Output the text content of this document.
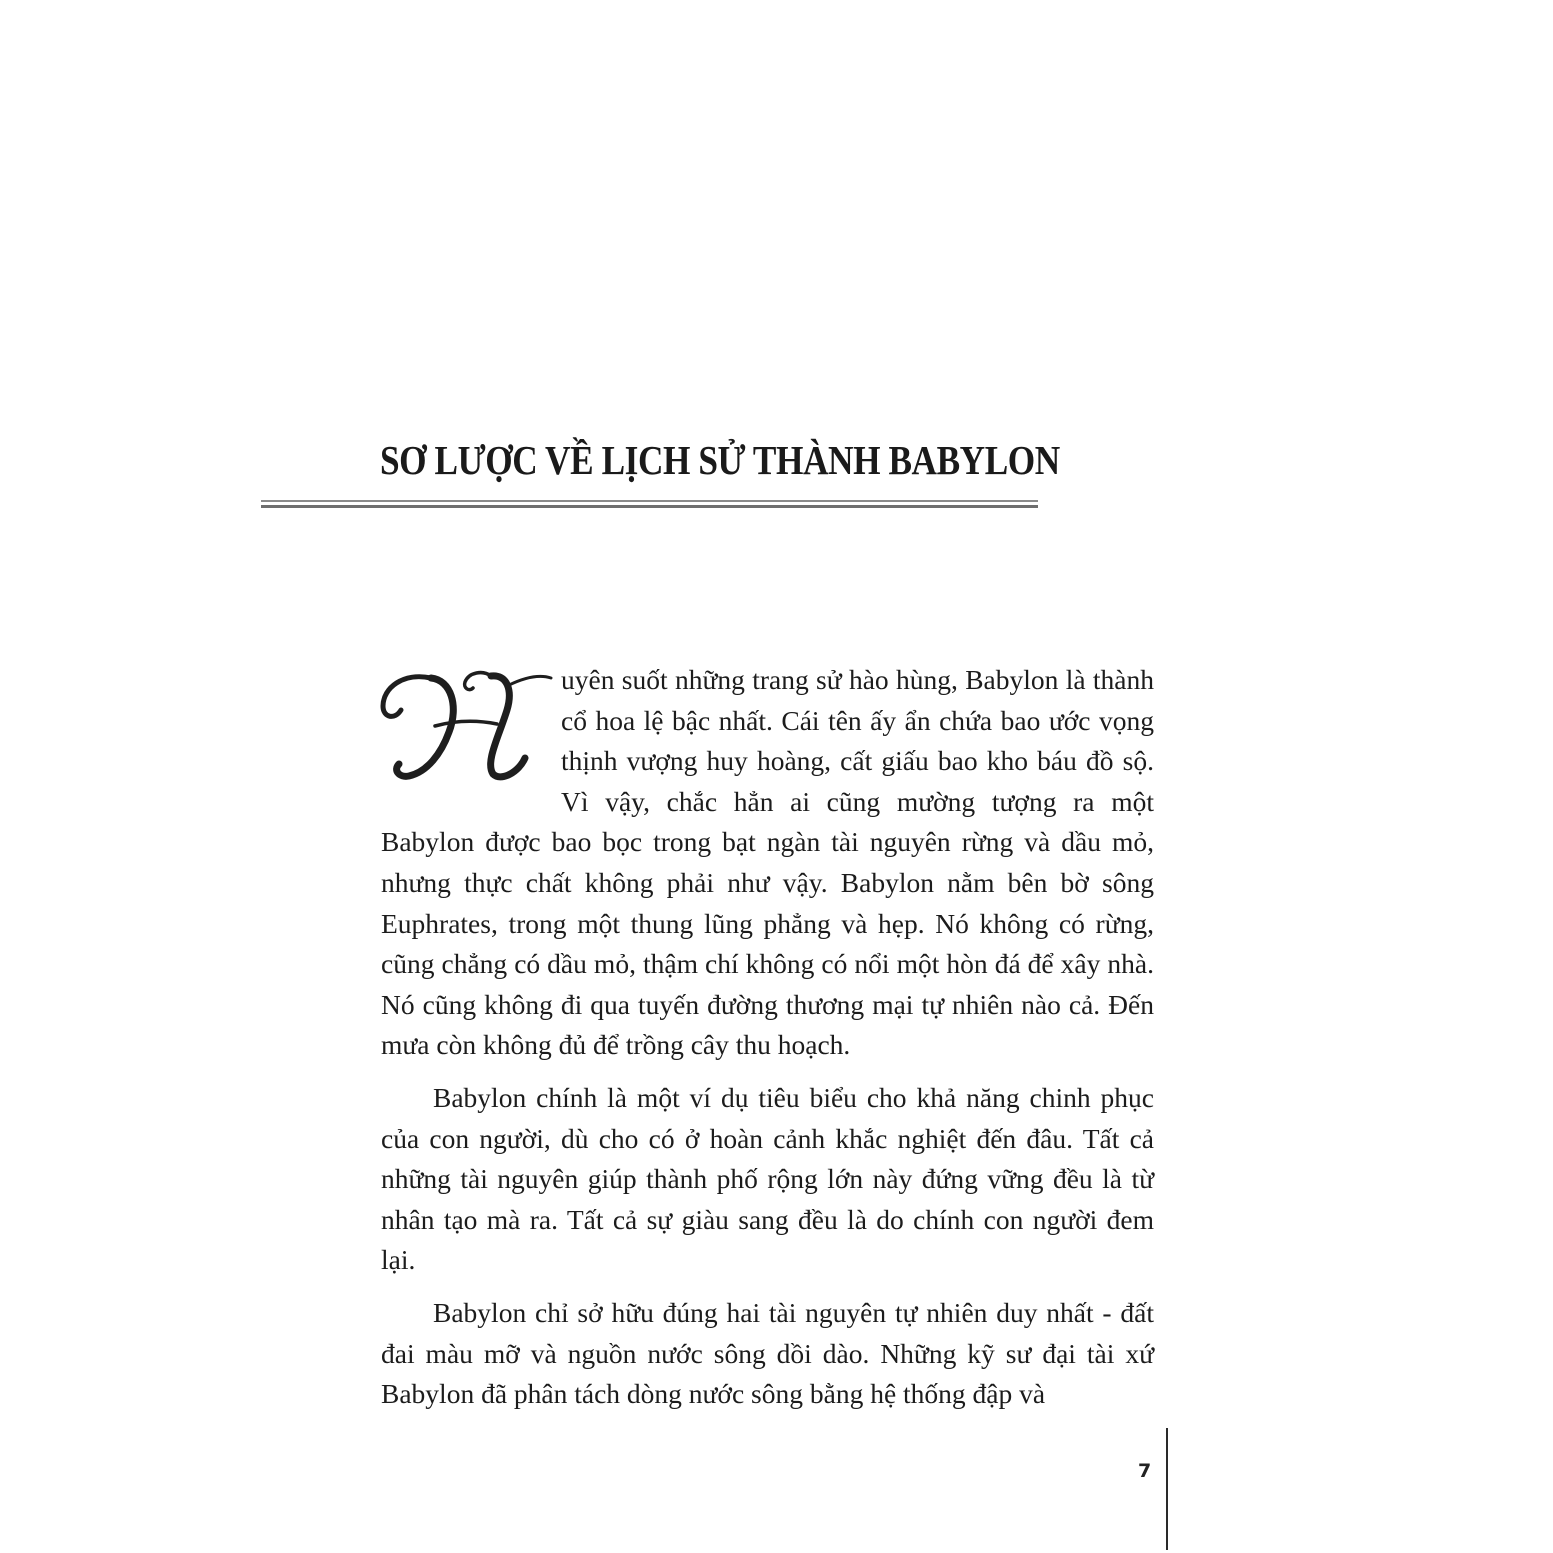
SƠ LƯỢC VỀ LỊCH SỬ THÀNH BABYLON

uyên suốt những trang sử hào hùng, Babylon là thành cổ hoa lệ bậc nhất. Cái tên ấy ẩn chứa bao ước vọng thịnh vượng huy hoàng, cất giấu bao kho báu đồ sộ. Vì vậy, chắc hẳn ai cũng mường tượng ra một Babylon được bao bọc trong bạt ngàn tài nguyên rừng và dầu mỏ, nhưng thực chất không phải như vậy. Babylon nằm bên bờ sông Euphrates, trong một thung lũng phẳng và hẹp. Nó không có rừng, cũng chẳng có dầu mỏ, thậm chí không có nổi một hòn đá để xây nhà. Nó cũng không đi qua tuyến đường thương mại tự nhiên nào cả. Đến mưa còn không đủ để trồng cây thu hoạch.

Babylon chính là một ví dụ tiêu biểu cho khả năng chinh phục của con người, dù cho có ở hoàn cảnh khắc nghiệt đến đâu. Tất cả những tài nguyên giúp thành phố rộng lớn này đứng vững đều là từ nhân tạo mà ra. Tất cả sự giàu sang đều là do chính con người đem lại.

Babylon chỉ sở hữu đúng hai tài nguyên tự nhiên duy nhất - đất đai màu mỡ và nguồn nước sông dồi dào. Những kỹ sư đại tài xứ Babylon đã phân tách dòng nước sông bằng hệ thống đập và

7
